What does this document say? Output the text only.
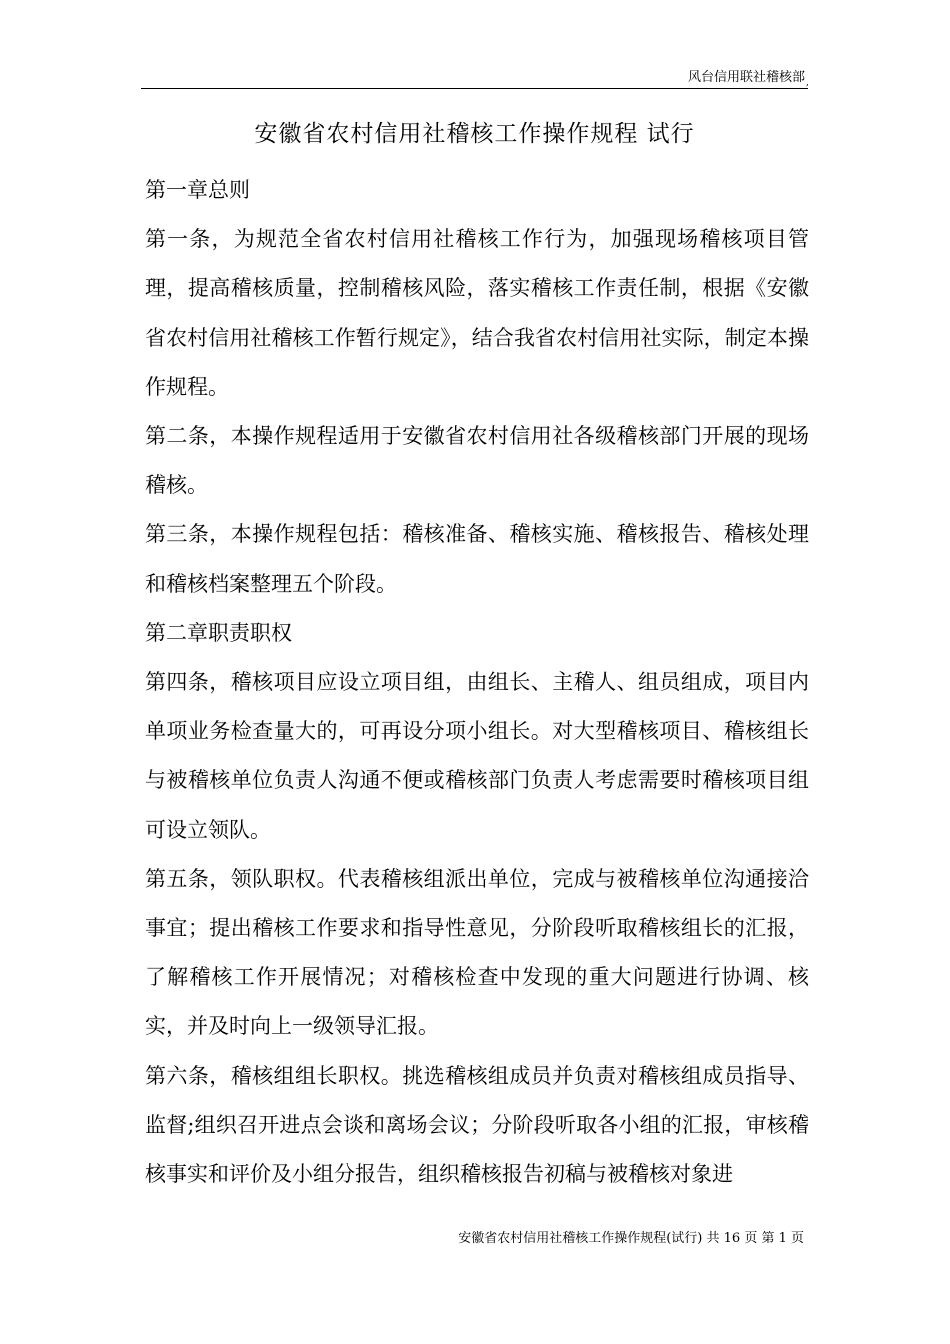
风台信用联社稽核部 ,
安徽省农村信用社稽核工作操作规程 试行

第一章总则

第一条，为规范全省农村信用社稽核工作行为，加强现场稽核项目管理，提高稽核质量，控制稽核风险，落实稽核工作责任制，根据《安徽省农村信用社稽核工作暂行规定》，结合我省农村信用社实际，制定本操作规程。

第二条，本操作规程适用于安徽省农村信用社各级稽核部门开展的现场稽核。

第三条，本操作规程包括：稽核准备、稽核实施、稽核报告、稽核处理和稽核档案整理五个阶段。

第二章职责职权

第四条，稽核项目应设立项目组，由组长、主稽人、组员组成，项目内单项业务检查量大的，可再设分项小组长。对大型稽核项目、稽核组长与被稽核单位负责人沟通不便或稽核部门负责人考虑需要时稽核项目组可设立领队。

第五条，领队职权。代表稽核组派出单位，完成与被稽核单位沟通接洽事宜；提出稽核工作要求和指导性意见，分阶段听取稽核组长的汇报，了解稽核工作开展情况；对稽核检查中发现的重大问题进行协调、核实，并及时向上一级领导汇报。

第六条，稽核组组长职权。挑选稽核组成员并负责对稽核组成员指导、监督;组织召开进点会谈和离场会议；分阶段听取各小组的汇报，审核稽核事实和评价及小组分报告，组织稽核报告初稿与被稽核对象进

安徽省农村信用社稽核工作操作规程(试行) 共 16 页 第 1 页
